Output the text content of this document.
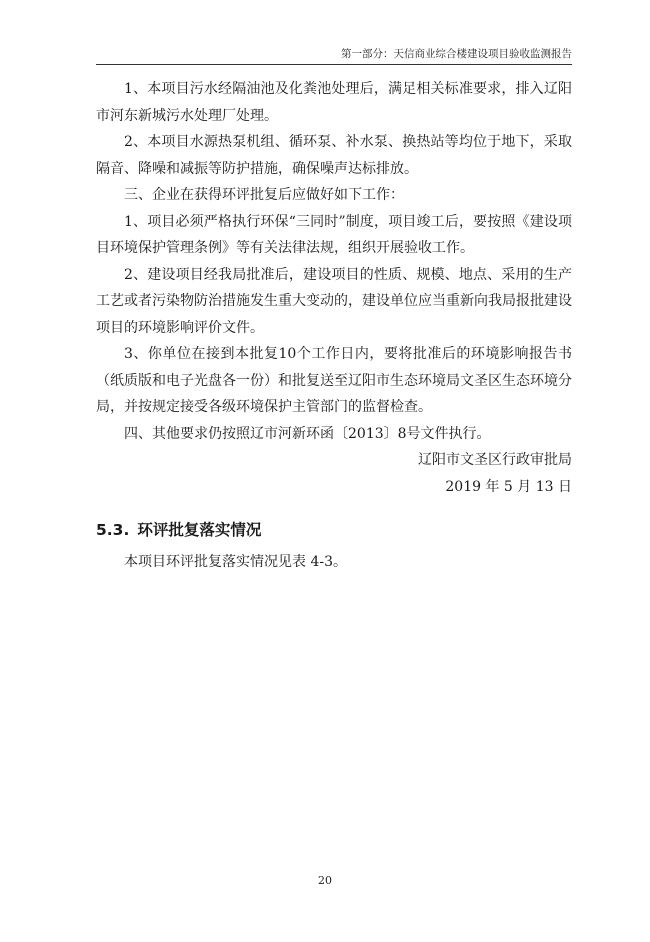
第一部分：天信商业综合楼建设项目验收监测报告

1、本项目污水经隔油池及化粪池处理后，满足相关标准要求，排入辽阳市河东新城污水处理厂处理。

2、本项目水源热泵机组、循环泵、补水泵、换热站等均位于地下，采取隔音、降噪和减振等防护措施，确保噪声达标排放。

三、企业在获得环评批复后应做好如下工作：

1、项目必须严格执行环保“三同时”制度，项目竣工后，要按照《建设项目环境保护管理条例》等有关法律法规，组织开展验收工作。

2、建设项目经我局批准后，建设项目的性质、规模、地点、采用的生产工艺或者污染物防治措施发生重大变动的，建设单位应当重新向我局报批建设项目的环境影响评价文件。

3、你单位在接到本批复10个工作日内，要将批准后的环境影响报告书（纸质版和电子光盘各一份）和批复送至辽阳市生态环境局文圣区生态环境分局，并按规定接受各级环境保护主管部门的监督检查。

四、其他要求仍按照辽市河新环函〔2013〕8号文件执行。

辽阳市文圣区行政审批局

2019 年 5 月 13 日

5.3. 环评批复落实情况

本项目环评批复落实情况见表 4-3。

20
